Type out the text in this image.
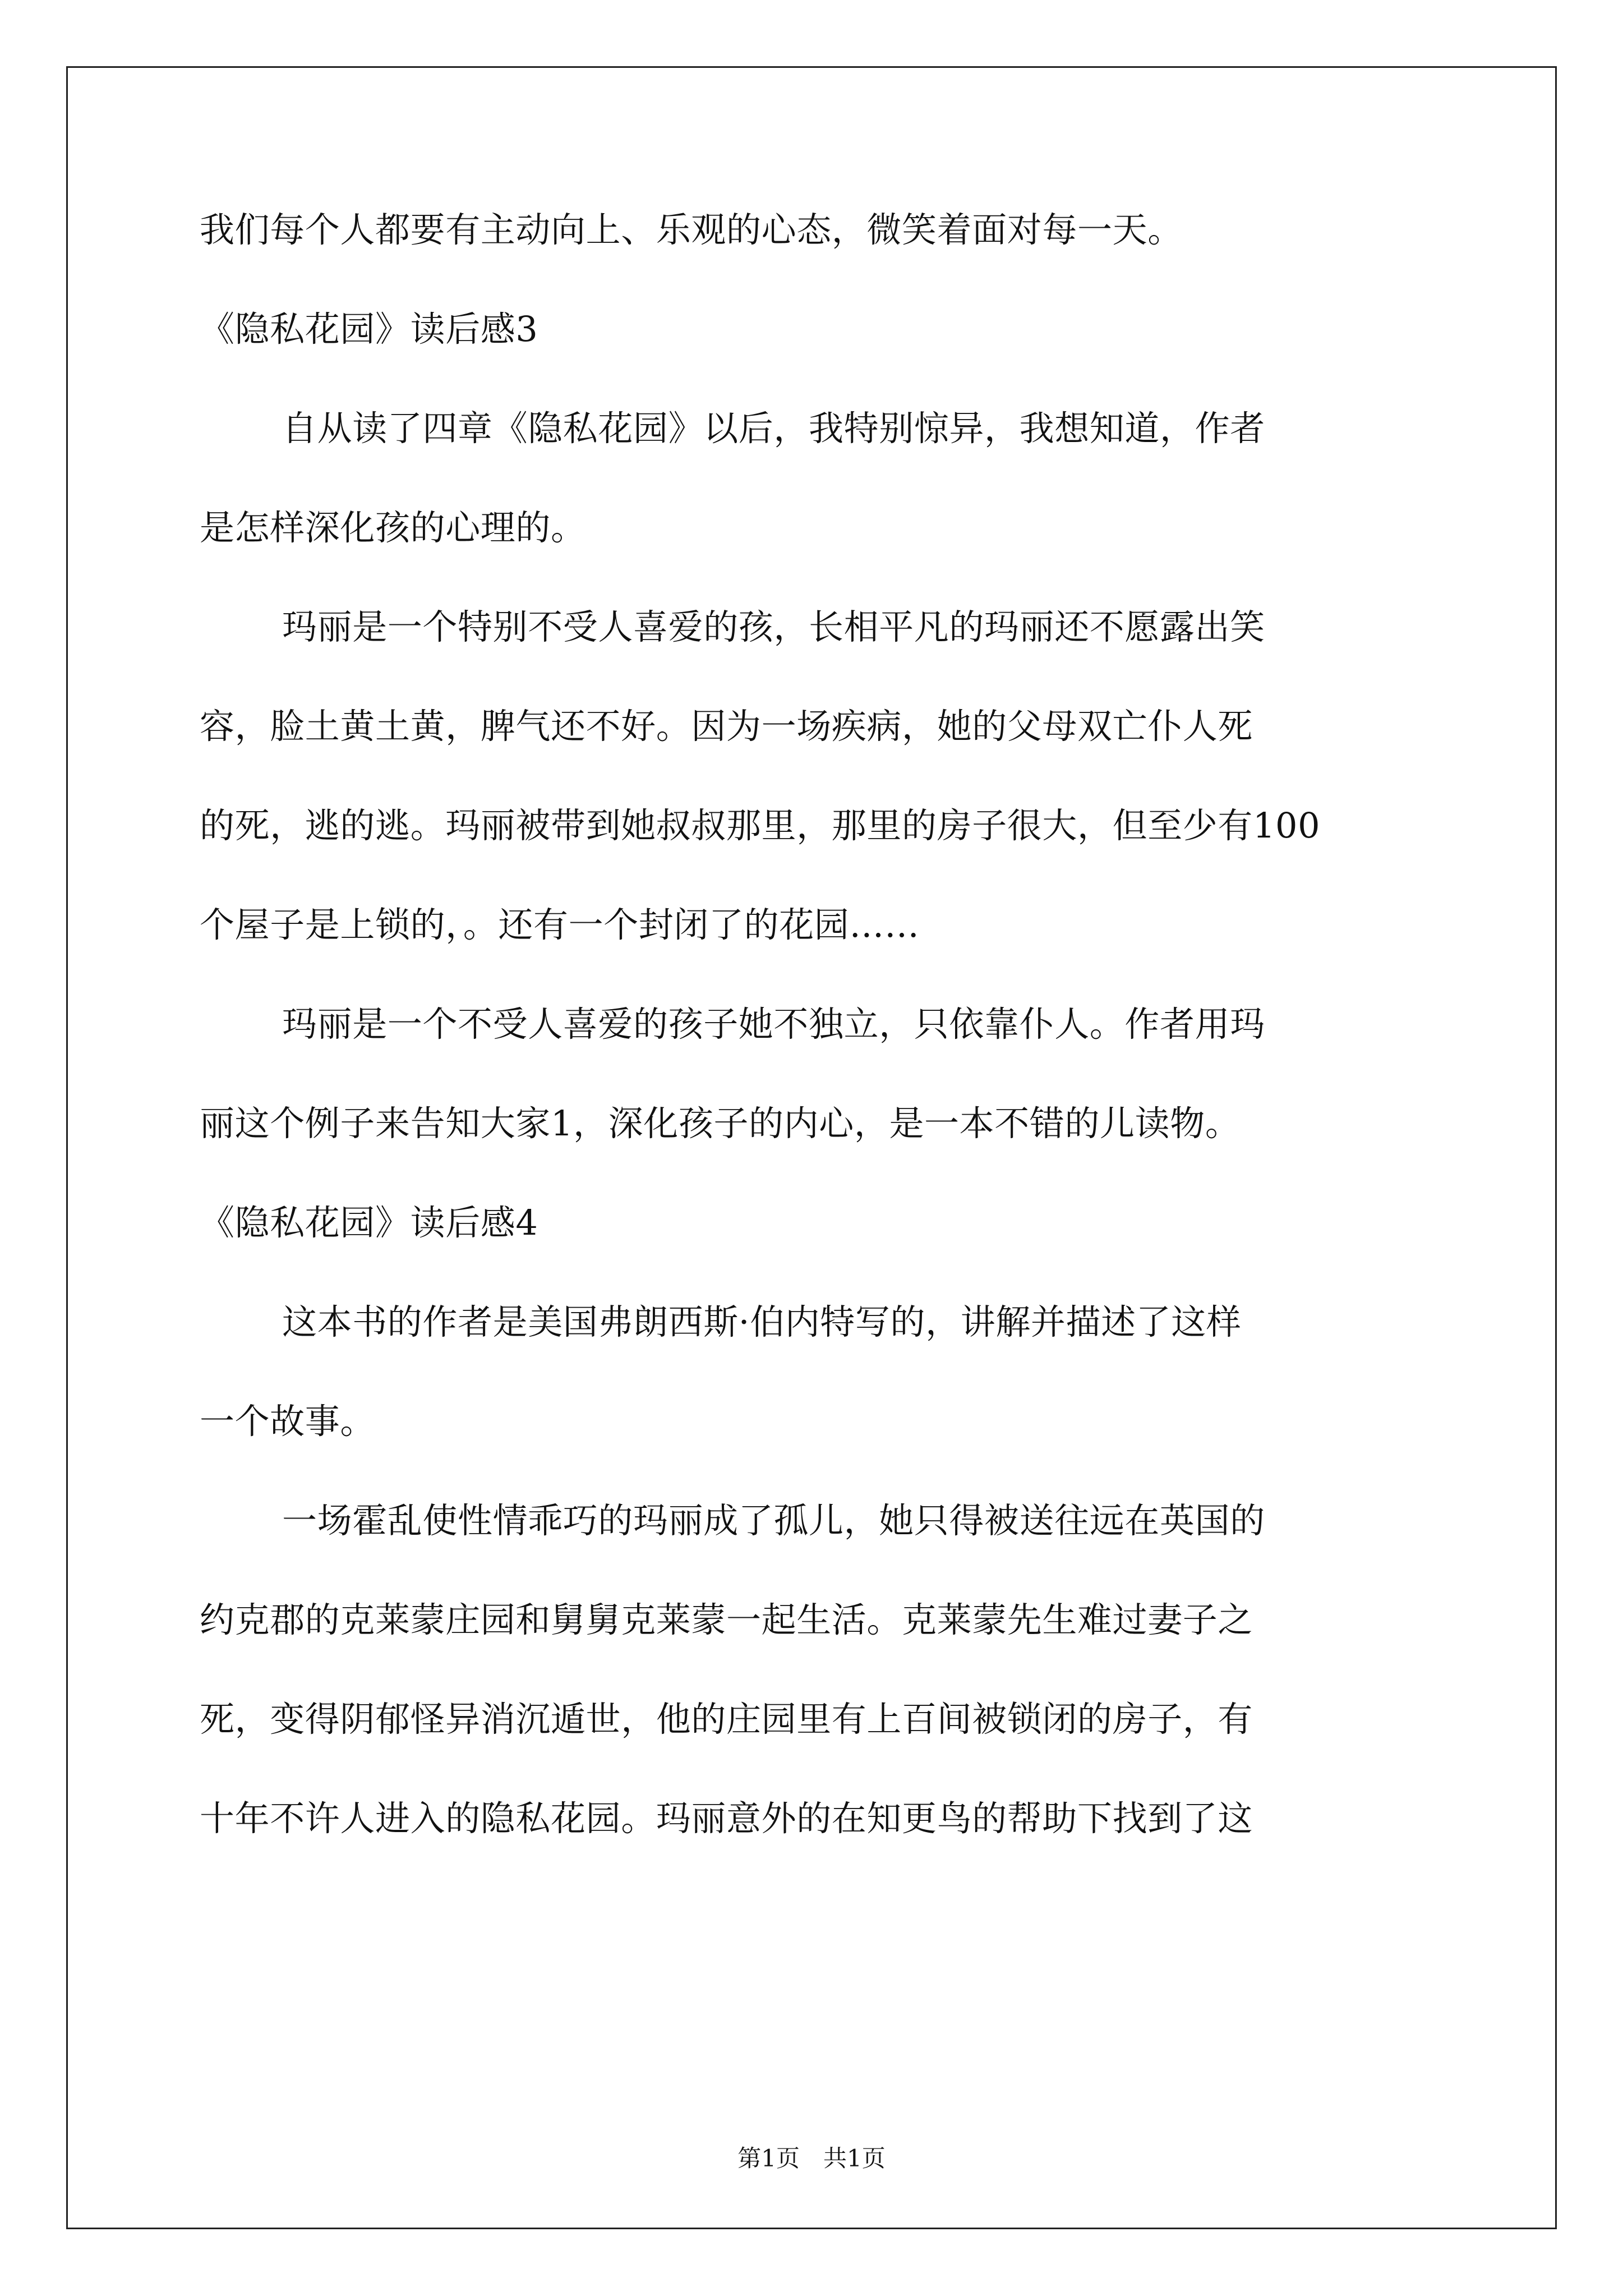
我们每个人都要有主动向上、乐观的心态，微笑着面对每一天。
《隐私花园》读后感3
自从读了四章《隐私花园》以后，我特别惊异，我想知道，作者
是怎样深化孩的心理的。
玛丽是一个特别不受人喜爱的孩，长相平凡的玛丽还不愿露出笑
容，脸土黄土黄，脾气还不好。因为一场疾病，她的父母双亡仆人死
的死，逃的逃。玛丽被带到她叔叔那里，那里的房子很大，但至少有100
个屋子是上锁的，。还有一个封闭了的花园……
玛丽是一个不受人喜爱的孩子她不独立，只依靠仆人。作者用玛
丽这个例子来告知大家1，深化孩子的内心，是一本不错的儿读物。
《隐私花园》读后感4
这本书的作者是美国弗朗西斯·伯内特写的，讲解并描述了这样
一个故事。
一场霍乱使性情乖巧的玛丽成了孤儿，她只得被送往远在英国的
约克郡的克莱蒙庄园和舅舅克莱蒙一起生活。克莱蒙先生难过妻子之
死，变得阴郁怪异消沉遁世，他的庄园里有上百间被锁闭的房子，有
十年不许人进入的隐私花园。玛丽意外的在知更鸟的帮助下找到了这
第1页 共1页
